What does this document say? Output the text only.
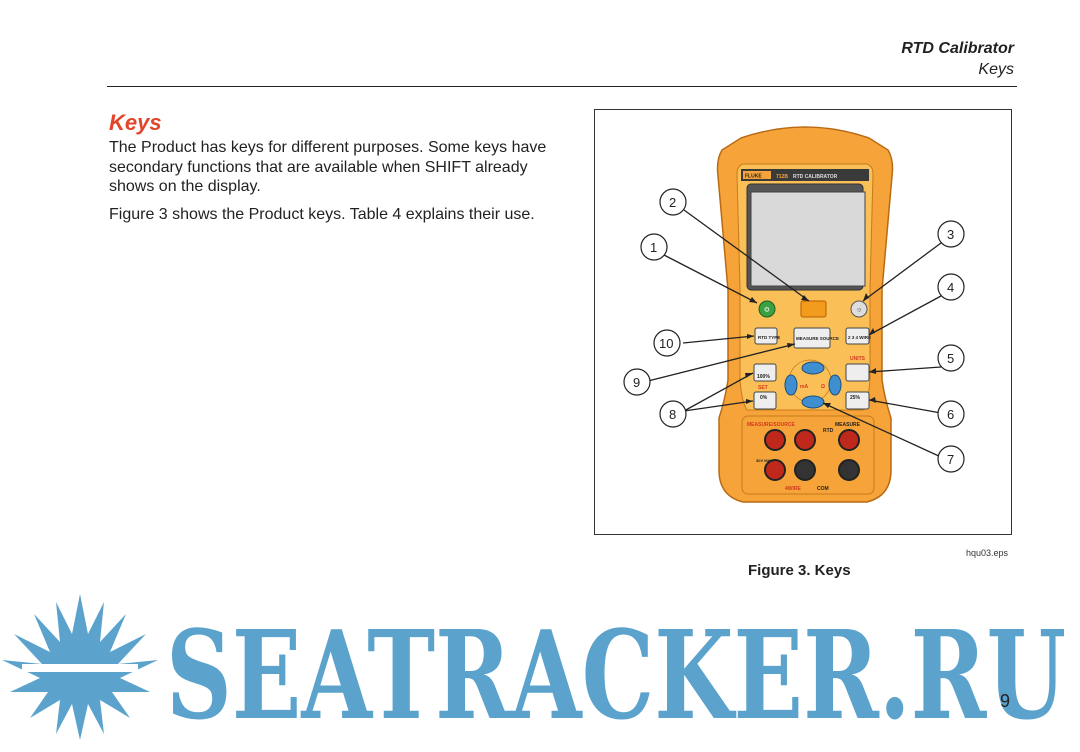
RTD Calibrator
Keys
Keys
The Product has keys for different purposes. Some keys have secondary functions that are available when SHIFT already shows on the display.
Figure 3 shows the Product keys. Table 4 explains their use.
FLUKE	712B RTD CALIBRATOR
⏻	☼
RTD TYPE	MEASURE SOURCE 2 3 4 WIRE
UNITS
SET
100%
0%	25%
mA	Ω
MEASURE/SOURCE
RTD
MEASURE
30V MAX
4WIRE	COM
2
1
3
4
5
6
7
8
9
10
hqu03.eps
Figure 3. Keys
SEATRACKER.RU
9
